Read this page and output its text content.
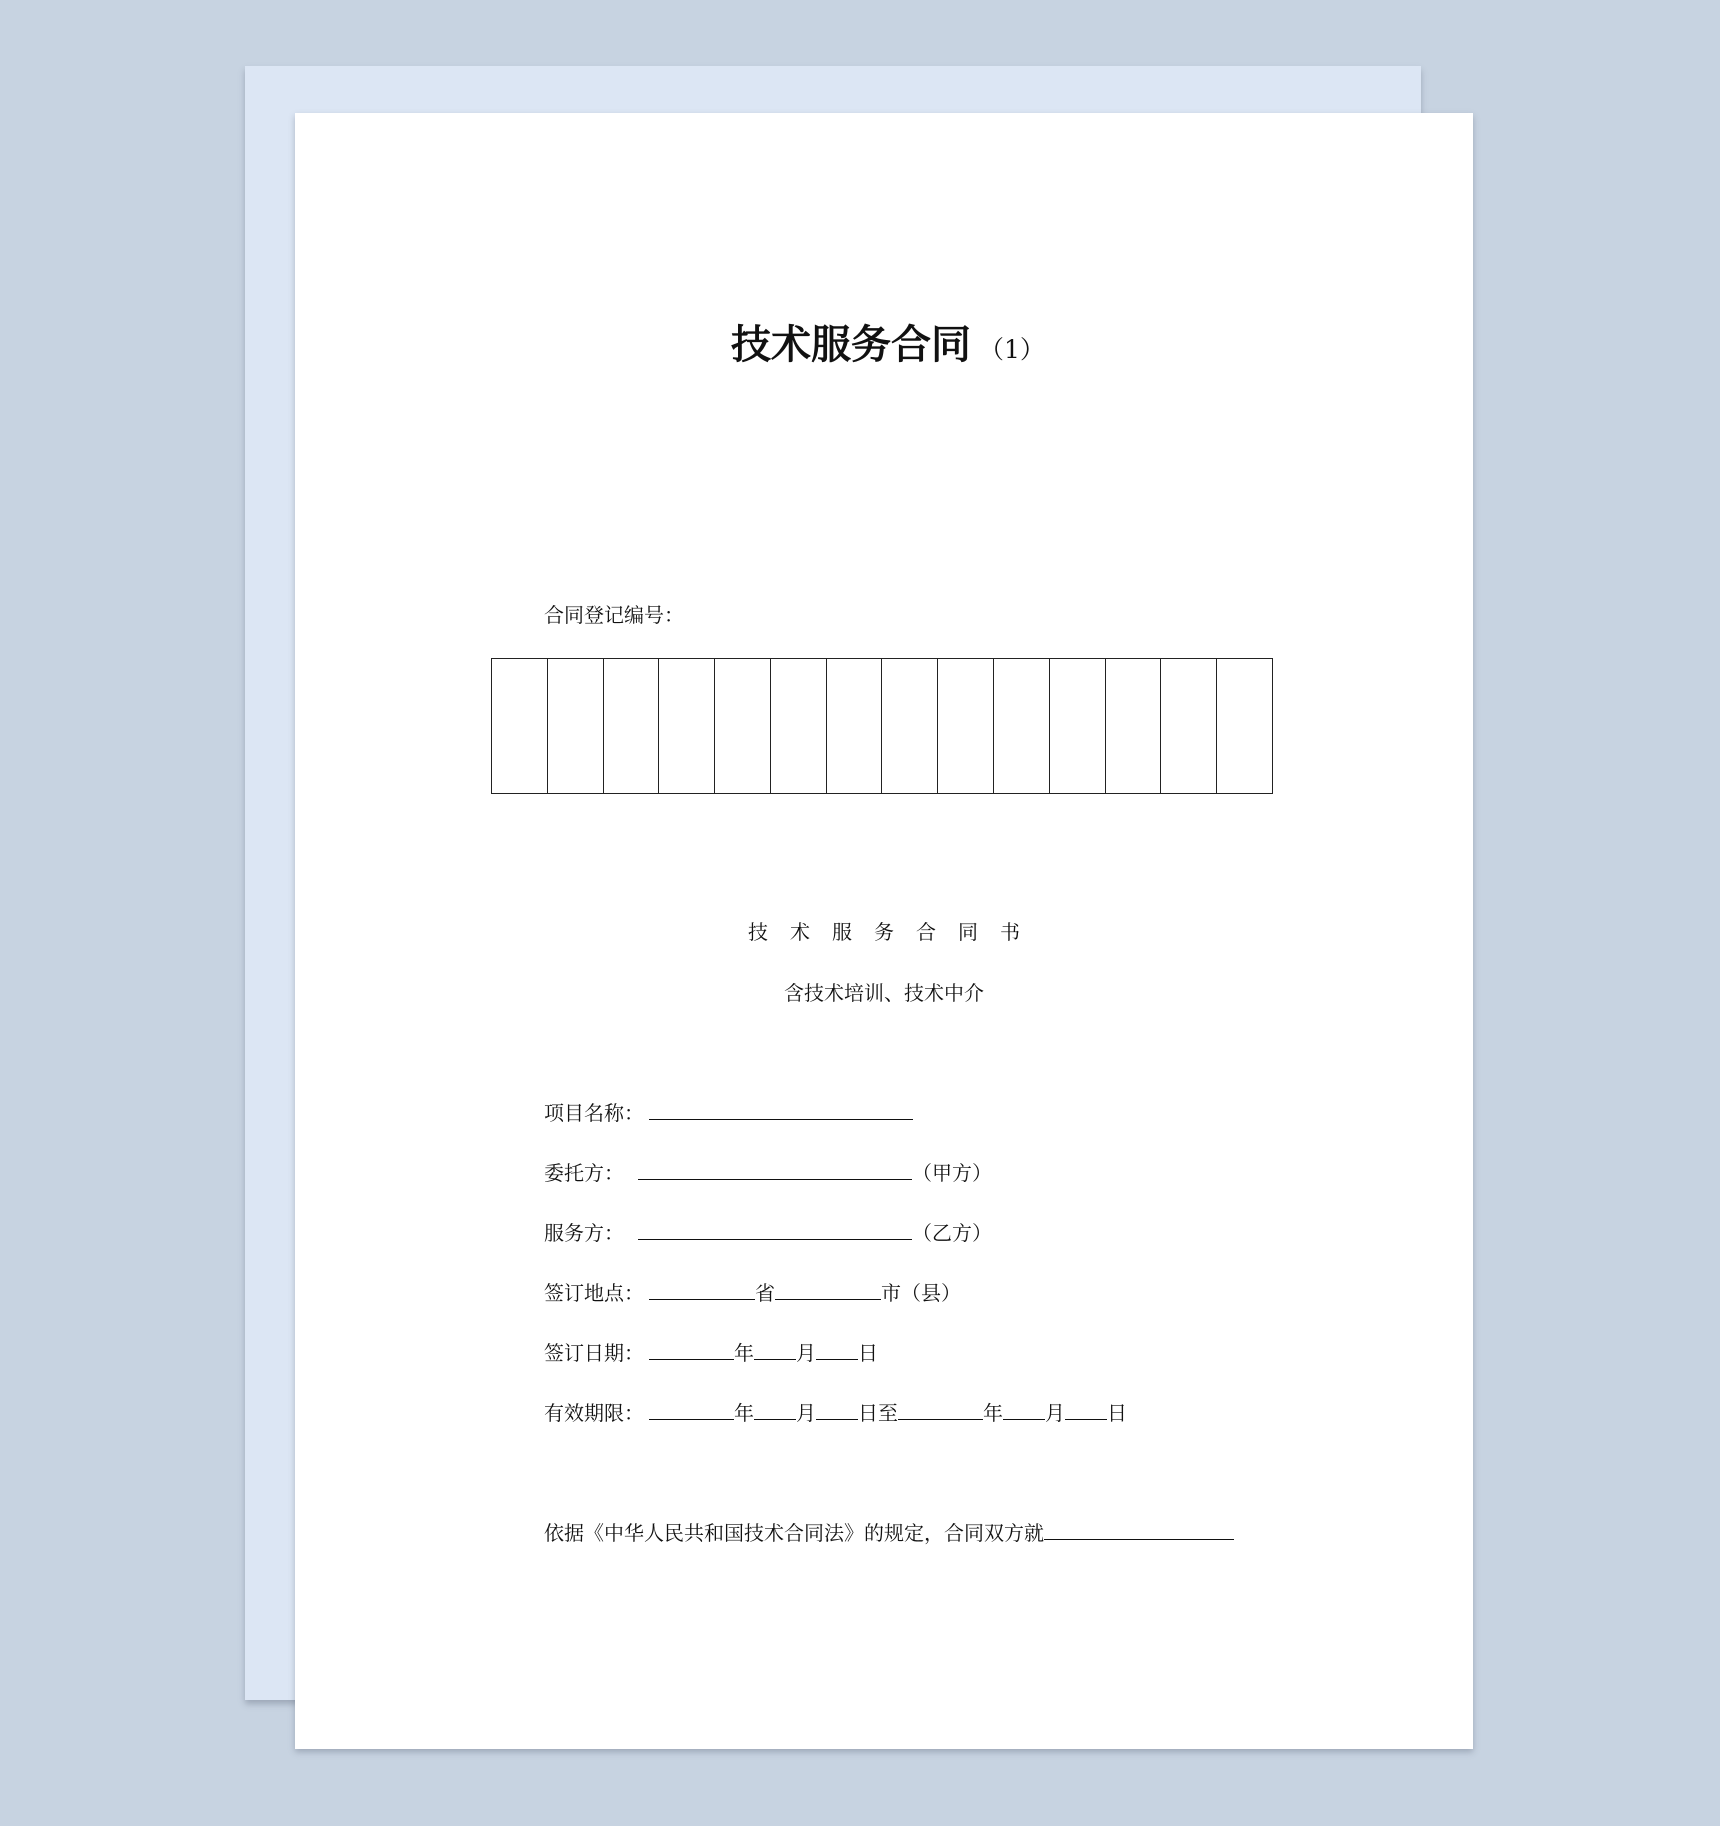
技术服务合同 （1）
合同登记编号：
技术服务合同书
含技术培训、技术中介
项目名称：
委托方：	（甲方）
服务方：	（乙方）
签订地点：	省	市（县）
签订日期：	年 月 日
有效期限：	年 月 日至	年 月 日
依据《中华人民共和国技术合同法》的规定，合同双方就
